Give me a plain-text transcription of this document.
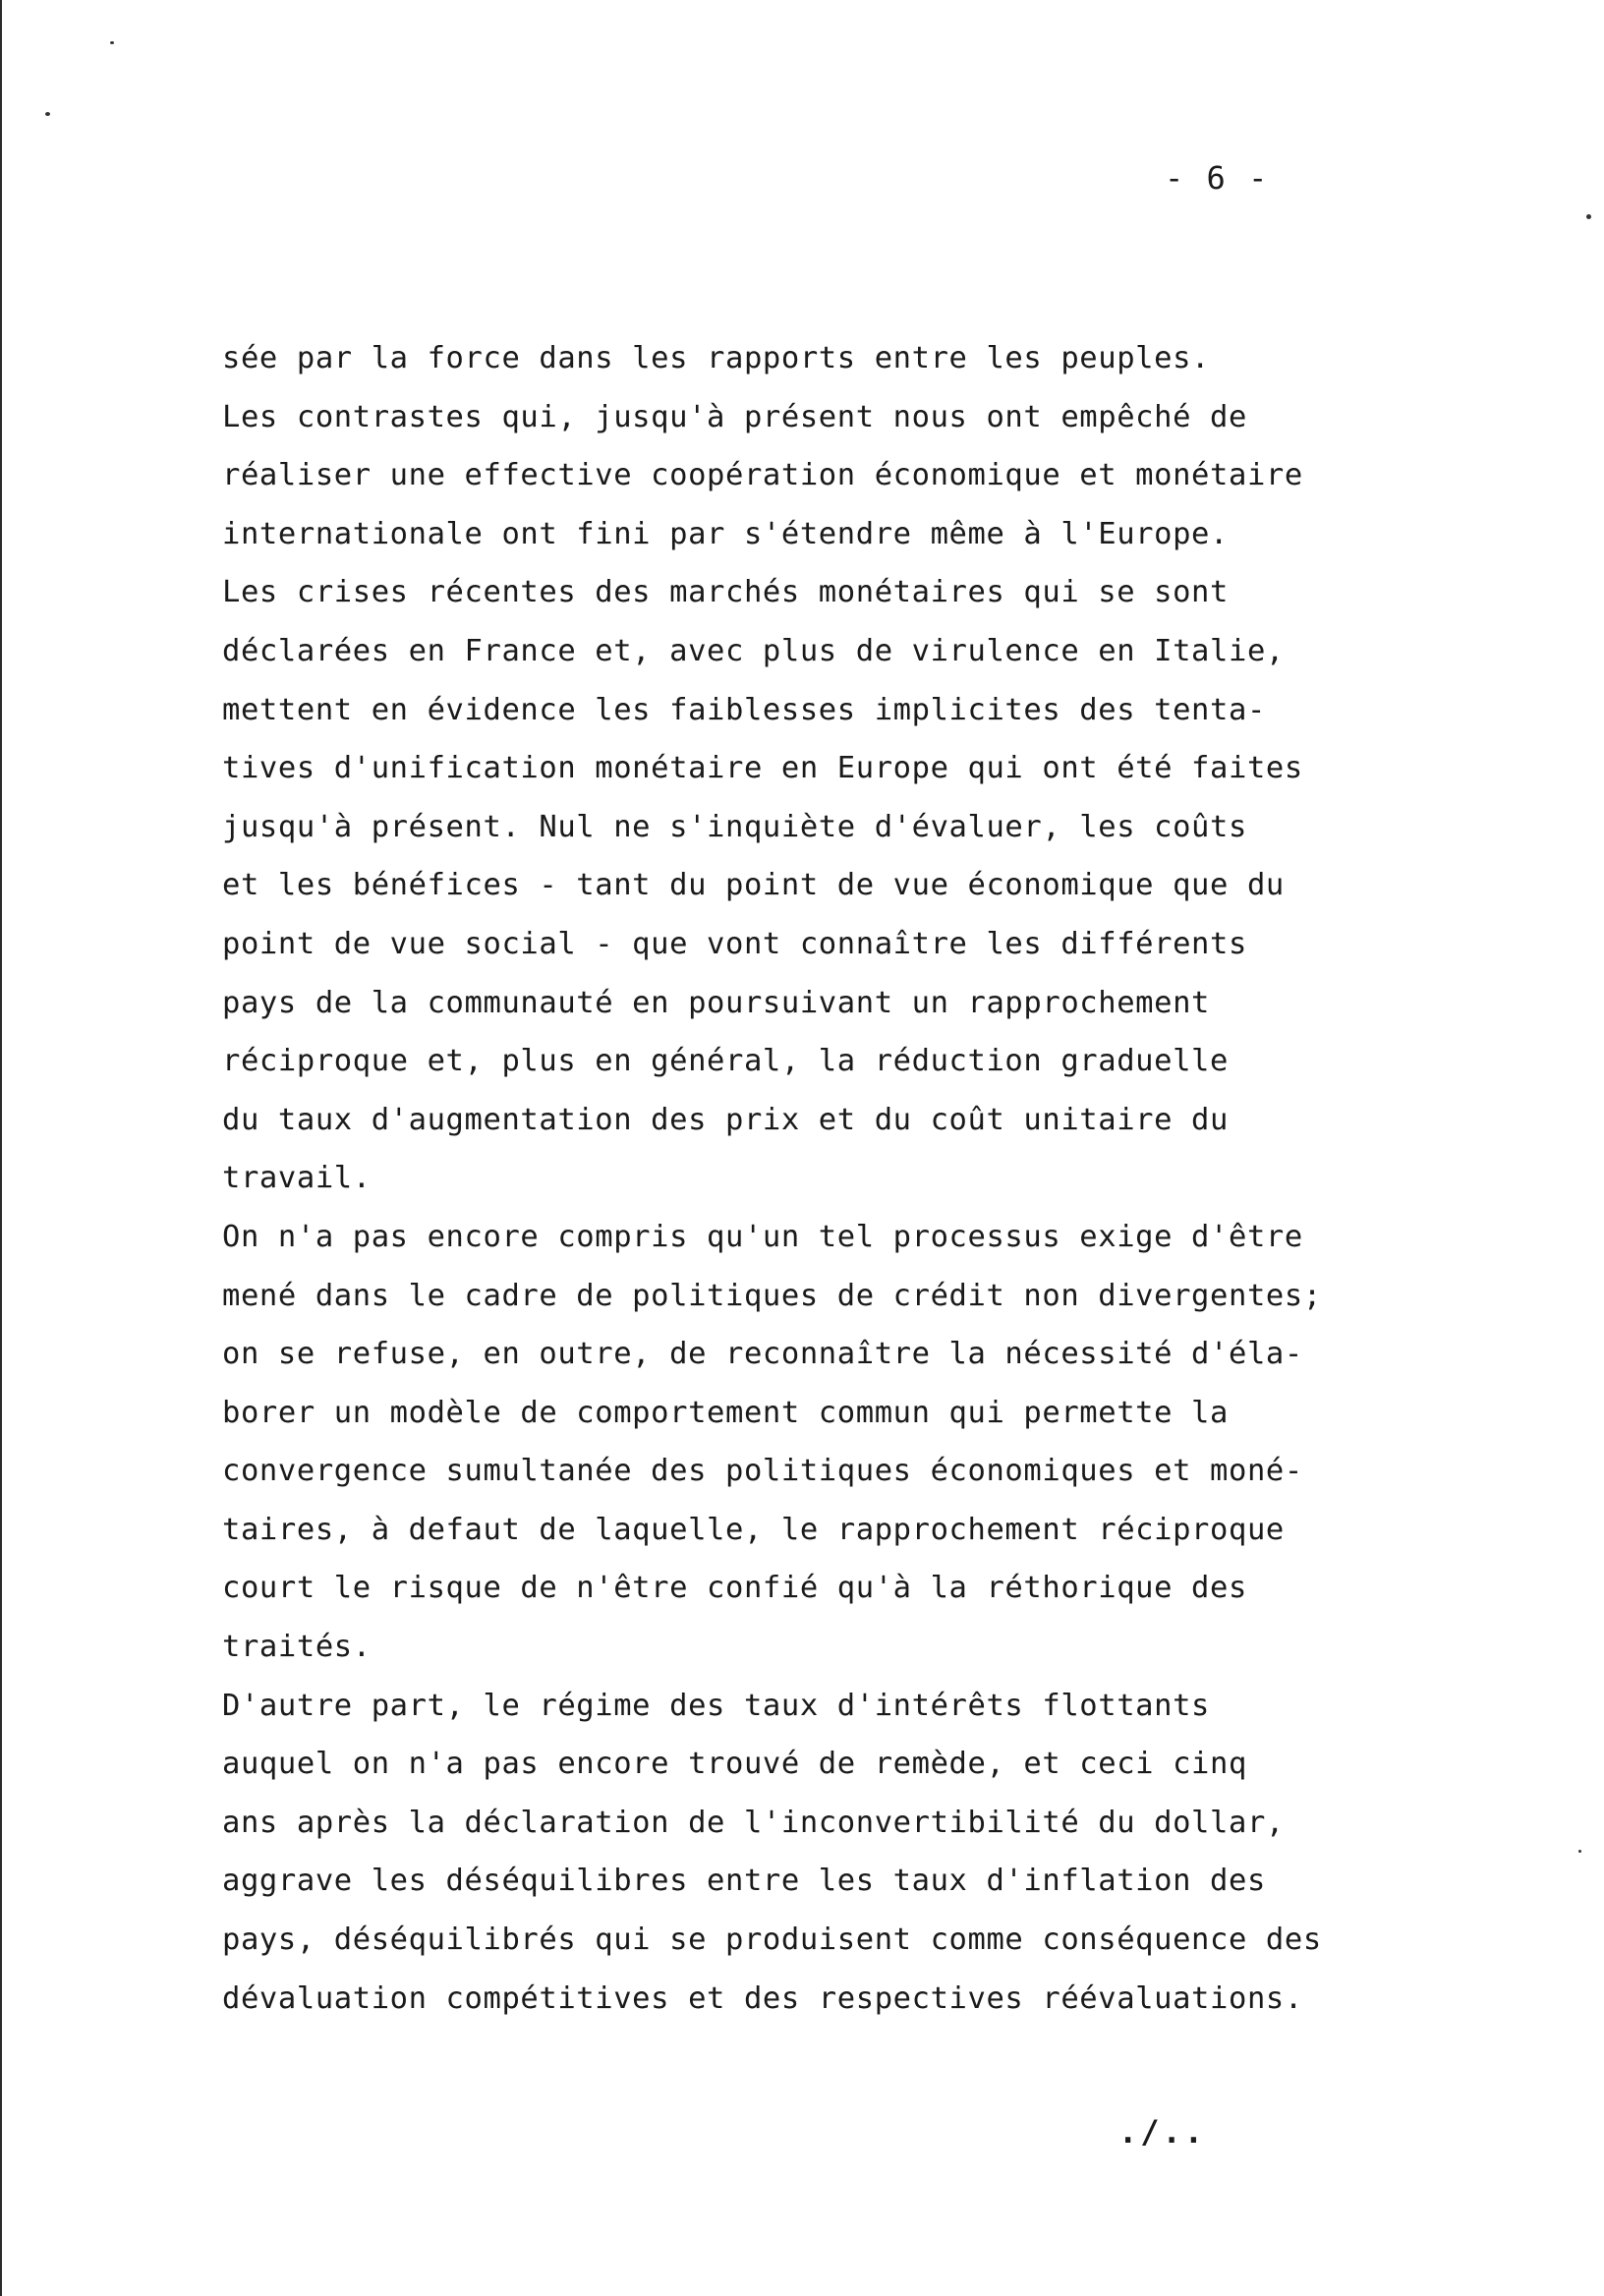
- 6 -
sée par la force dans les rapports entre les peuples.
Les contrastes qui, jusqu'à présent nous ont empêché de
réaliser une effective coopération économique et monétaire
internationale ont fini par s'étendre même à l'Europe.
Les crises récentes des marchés monétaires qui se sont
déclarées en France et, avec plus de virulence en Italie,
mettent en évidence les faiblesses implicites des tenta-
tives d'unification monétaire en Europe qui ont été faites
jusqu'à présent. Nul ne s'inquiète d'évaluer, les coûts
et les bénéfices - tant du point de vue économique que du
point de vue social - que vont connaître les différents
pays de la communauté en poursuivant un rapprochement
réciproque et, plus en général, la réduction graduelle
du taux d'augmentation des prix et du coût unitaire du
travail.
On n'a pas encore compris qu'un tel processus exige d'être
mené dans le cadre de politiques de crédit non divergentes;
on se refuse, en outre, de reconnaître la nécessité d'éla-
borer un modèle de comportement commun qui permette la
convergence sumultanée des politiques économiques et moné-
taires, à defaut de laquelle, le rapprochement réciproque
court le risque de n'être confié qu'à la réthorique des
traités.
D'autre part, le régime des taux d'intérêts flottants
auquel on n'a pas encore trouvé de remède, et ceci cinq
ans après la déclaration de l'inconvertibilité du dollar,
aggrave les déséquilibres entre les taux d'inflation des
pays, déséquilibrés qui se produisent comme conséquence des
dévaluation compétitives et des respectives réévaluations.
./..
